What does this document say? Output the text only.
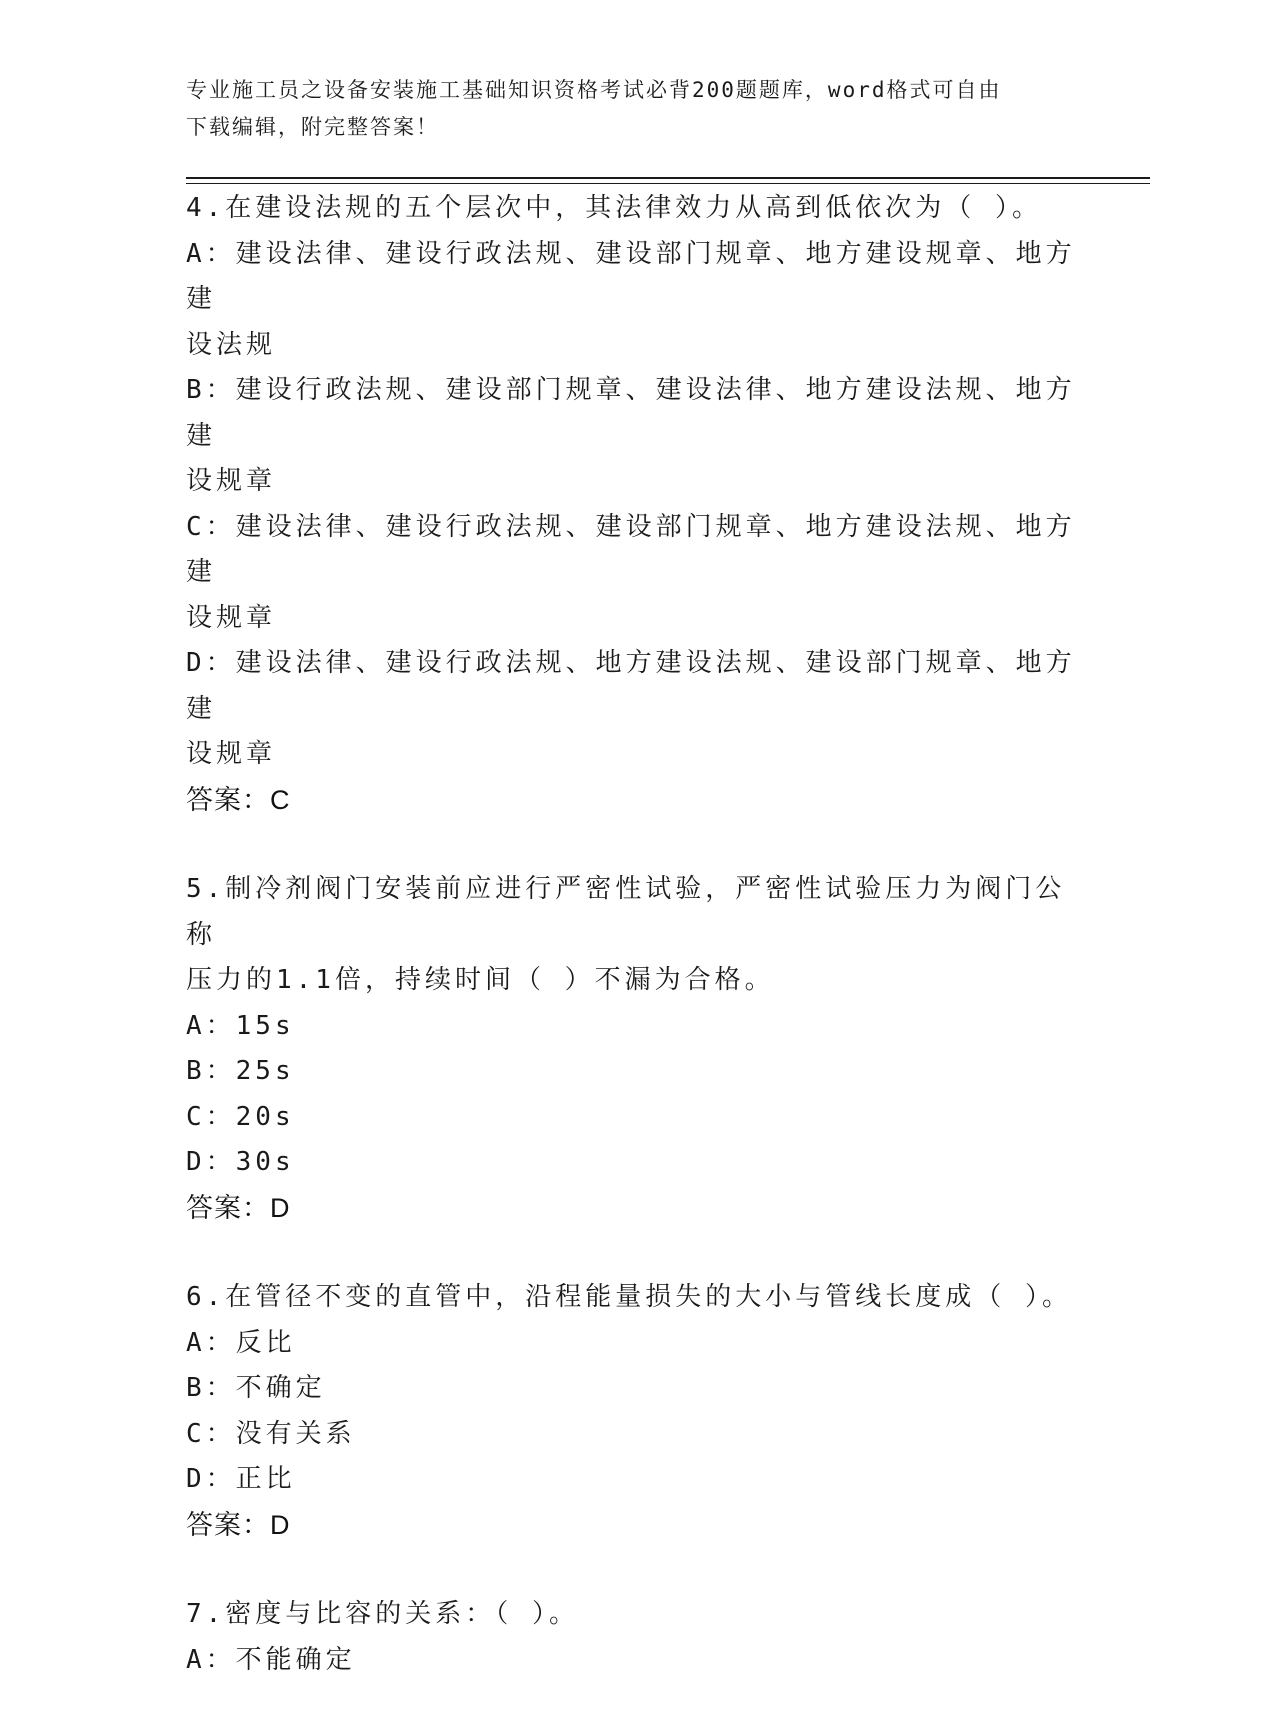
专业施工员之设备安装施工基础知识资格考试必背200题题库，word格式可自由
下载编辑，附完整答案！
4.在建设法规的五个层次中，其法律效力从高到低依次为（ ）。
A：建设法律、建设行政法规、建设部门规章、地方建设规章、地方建
设法规
B：建设行政法规、建设部门规章、建设法律、地方建设法规、地方建
设规章
C：建设法律、建设行政法规、建设部门规章、地方建设法规、地方建
设规章
D：建设法律、建设行政法规、地方建设法规、建设部门规章、地方建
设规章
答案：C
5.制冷剂阀门安装前应进行严密性试验，严密性试验压力为阀门公称
压力的1.1倍，持续时间（ ）不漏为合格。
A：15s
B：25s
C：20s
D：30s
答案：D
6.在管径不变的直管中，沿程能量损失的大小与管线长度成（ ）。
A：反比
B：不确定
C：没有关系
D：正比
答案：D
7.密度与比容的关系：（ ）。
A：不能确定
